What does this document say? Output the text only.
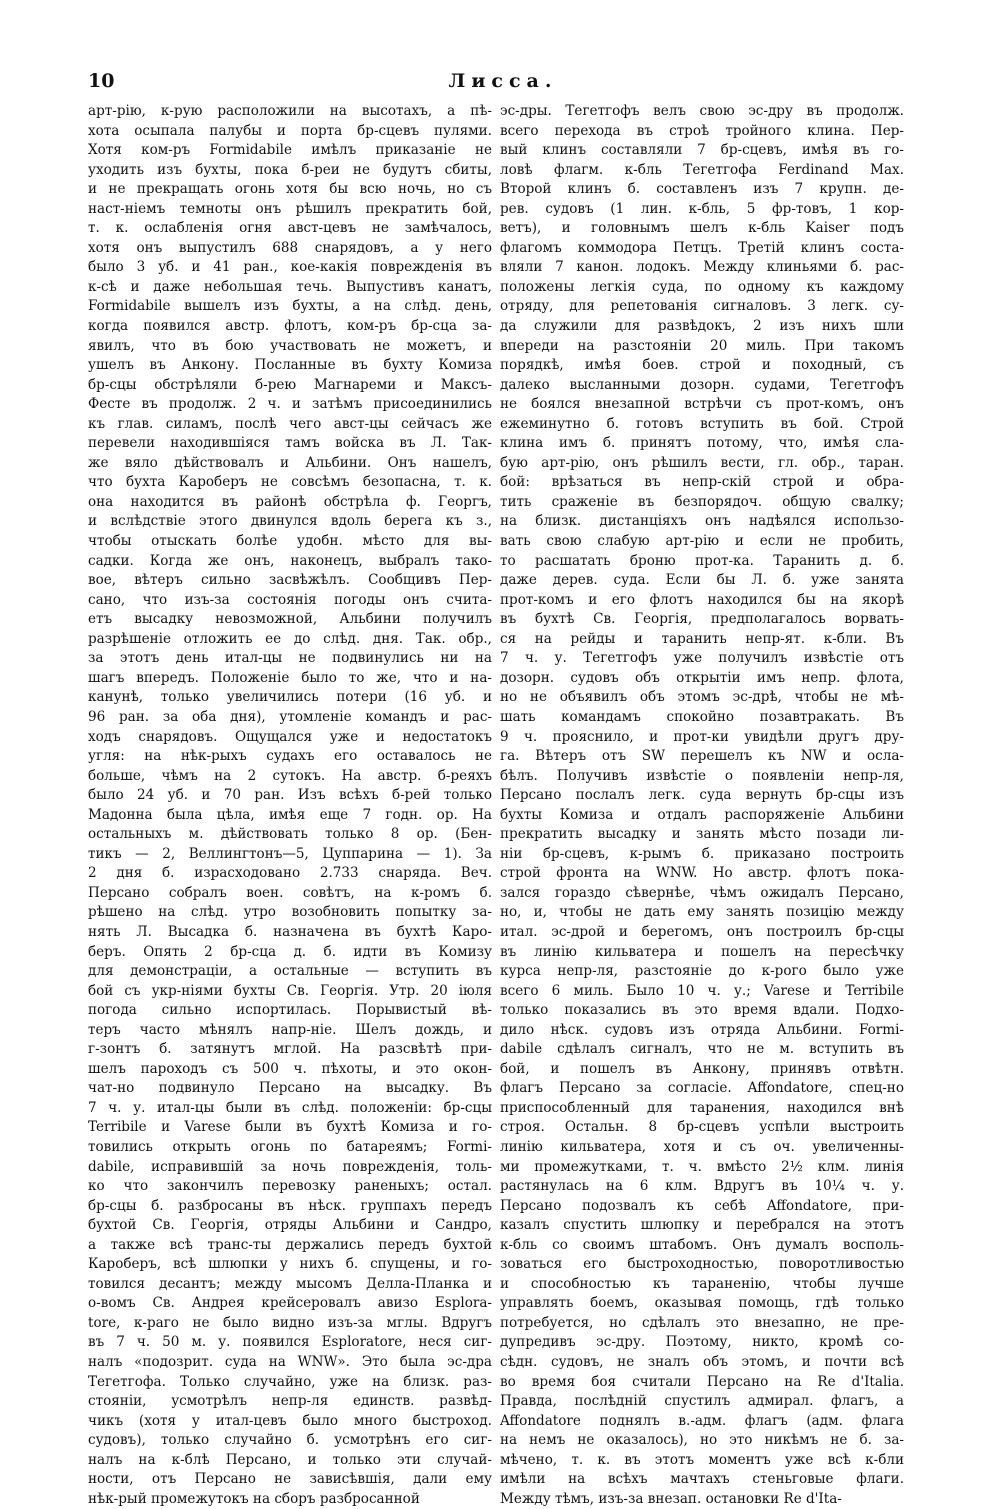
10	Лисса.

арт-рію, к-рую расположили на высотахъ, а пѣ-

хота осыпала палубы и порта бр-сцевъ пулями.

Хотя ком-ръ Formidabile имѣлъ приказаніе не

уходить изъ бухты, пока б-реи не будутъ сбиты,

и не прекращать огонь хотя бы всю ночь, но съ

наст-ніемъ темноты онъ рѣшилъ прекратить бой,

т. к. ослабленія огня авст-цевъ не замѣчалось,

хотя онъ выпустилъ 688 снарядовъ, а у него

было 3 уб. и 41 ран., кое-какія поврежденія въ

к-сѣ и даже небольшая течь. Выпустивъ канатъ,

Formidabile вышелъ изъ бухты, а на слѣд. день,

когда появился австр. флотъ, ком-ръ бр-сца за-

явилъ, что въ бою участвовать не можетъ, и

ушелъ въ Анкону. Посланные въ бухту Комиза

бр-сцы обстрѣляли б-рею Магнареми и Максъ-

Фесте въ продолж. 2 ч. и затѣмъ присоединились

къ глав. силамъ, послѣ чего авст-цы сейчасъ же

перевели находившіяся тамъ войска въ Л. Так-

же вяло дѣйствовалъ и Альбини. Онъ нашелъ,

что бухта Кароберъ не совсѣмъ безопасна, т. к.

она находится въ районѣ обстрѣла ф. Георгъ,

и вслѣдствіе этого двинулся вдоль берега къ з.,

чтобы отыскать болѣе удобн. мѣсто для вы-

садки. Когда же онъ, наконецъ, выбралъ тако-

вое, вѣтеръ сильно засвѣжѣлъ. Сообщивъ Пер-

сано, что изъ-за состоянія погоды онъ счита-

етъ высадку невозможной, Альбини получилъ

разрѣшеніе отложить ее до слѣд. дня. Так. обр.,

за этотъ день итал-цы не подвинулись ни на

шагъ впередъ. Положеніе было то же, что и на-

канунѣ, только увеличились потери (16 уб. и

96 ран. за оба дня), утомленіе командъ и рас-

ходъ снарядовъ. Ощущался уже и недостатокъ

угля: на нѣк-рыхъ судахъ его оставалось не

больше, чѣмъ на 2 сутокъ. На австр. б-реяхъ

было 24 уб. и 70 ран. Изъ всѣхъ б-рей только

Мадонна была цѣла, имѣя еще 7 годн. ор. На

остальныхъ м. дѣйствовать только 8 ор. (Бен-

тикъ — 2, Веллингтонъ—5, Цуппарина — 1). За

2 дня б. израсходовано 2.733 снаряда. Веч.

Персано собралъ воен. совѣтъ, на к-ромъ б.

рѣшено на слѣд. утро возобновить попытку за-

нять Л. Высадка б. назначена въ бухтѣ Каро-

беръ. Опять 2 бр-сца д. б. идти въ Комизу

для демонстраціи, а остальные — вступить въ

бой съ укр-ніями бухты Св. Георгія. Утр. 20 іюля

погода сильно испортилась. Порывистый вѣ-

теръ часто мѣнялъ напр-ніе. Шелъ дождь, и

г-зонтъ б. затянутъ мглой. На разсвѣтѣ при-

шелъ пароходъ съ 500 ч. пѣхоты, и это окон-

чат-но подвинуло Персано на высадку. Въ

7 ч. у. итал-цы были въ слѣд. положеніи: бр-сцы

Terribile и Varese были въ бухтѣ Комиза и го-

товились открыть огонь по батареямъ; Formi-

dabile, исправившій за ночь поврежденія, толь-

ко что закончилъ перевозку раненыхъ; остал.

бр-сцы б. разбросаны въ нѣск. группахъ передъ

бухтой Св. Георгія, отряды Альбини и Сандро,

а также всѣ транс-ты держались передъ бухтой

Кароберъ, всѣ шлюпки у нихъ б. спущены, и го-

товился десантъ; между мысомъ Делла-Планка и

о-вомъ Св. Андрея крейсеровалъ авизо Esplora-

tore, к-раго не было видно изъ-за мглы. Вдругъ

въ 7 ч. 50 м. у. появился Esploratore, неся сиг-

налъ «подозрит. суда на WNW». Это была эс-дра

Тегетгофа. Только случайно, уже на близк. раз-

стояніи, усмотрѣлъ непр-ля единств. развѣд-

чикъ (хотя у итал-цевъ было много быстроход.

судовъ), только случайно б. усмотрѣнъ его сиг-

налъ на к-блѣ Персано, и только эти случай-

ности, отъ Персано не зависѣвшія, дали ему

нѣк-рый промежутокъ на сборъ разбросанной

эс-дры. Тегетгофъ велъ свою эс-дру въ продолж.

всего перехода въ строѣ тройного клина. Пер-

вый клинъ составляли 7 бр-сцевъ, имѣя въ го-

ловѣ флагм. к-бль Тегетгофа Ferdinand Max.

Второй клинъ б. составленъ изъ 7 крупн. де-

рев. судовъ (1 лин. к-бль, 5 фр-товъ, 1 кор-

ветъ), и головнымъ шелъ к-бль Kaiser подъ

флагомъ коммодора Петцъ. Третій клинъ соста-

вляли 7 канон. лодокъ. Между клиньями б. рас-

положены легкія суда, по одному къ каждому

отряду, для репетованія сигналовъ. 3 легк. су-

да служили для развѣдокъ, 2 изъ нихъ шли

впереди на разстояніи 20 миль. При такомъ

порядкѣ, имѣя боев. строй и походный, съ

далеко высланными дозорн. судами, Тегетгофъ

не боялся внезапной встрѣчи съ прот-комъ, онъ

ежеминутно б. готовъ вступить въ бой. Строй

клина имъ б. принятъ потому, что, имѣя сла-

бую арт-рію, онъ рѣшилъ вести, гл. обр., таран.

бой: врѣзаться въ непр-скій строй и обра-

тить сраженіе въ безпорядоч. общую свалку;

на близк. дистанціяхъ онъ надѣялся использо-

вать свою слабую арт-рію и если не пробить,

то расшатать броню прот-ка. Таранить д. б.

даже дерев. суда. Если бы Л. б. уже занята

прот-комъ и его флотъ находился бы на якорѣ

въ бухтѣ Св. Георгія, предполагалось ворвать-

ся на рейды и таранить непр-ят. к-бли. Въ

7 ч. у. Тегетгофъ уже получилъ извѣстіе отъ

дозорн. судовъ объ открытіи имъ непр. флота,

но не объявилъ объ этомъ эс-дрѣ, чтобы не мѣ-

шать командамъ спокойно позавтракать. Въ

9 ч. прояснило, и прот-ки увидѣли другъ дру-

га. Вѣтеръ отъ SW перешелъ къ NW и осла-

бѣлъ. Получивъ извѣстіе о появленіи непр-ля,

Персано послалъ легк. суда вернуть бр-сцы изъ

бухты Комиза и отдалъ распоряженіе Альбини

прекратить высадку и занять мѣсто позади ли-

ніи бр-сцевъ, к-рымъ б. приказано построить

строй фронта на WNW. Но австр. флотъ пока-

зался гораздо сѣвернѣе, чѣмъ ожидалъ Персано,

но, и, чтобы не дать ему занять позицію между

итал. эс-дрой и берегомъ, онъ построилъ бр-сцы

въ линію кильватера и пошелъ на пересѣчку

курса непр-ля, разстояніе до к-рого было уже

всего 6 миль. Было 10 ч. у.; Varese и Terribile

только показались въ это время вдали. Подхо-

дило нѣск. судовъ изъ отряда Альбини. Formi-

dabile сдѣлалъ сигналъ, что не м. вступить въ

бой, и пошелъ въ Анкону, принявъ отвѣтн.

флагъ Персано за согласіе. Affondatore, спец-но

приспособленный для таранения, находился внѣ

строя. Остальн. 8 бр-сцевъ успѣли выстроить

линію кильватера, хотя и съ оч. увеличенны-

ми промежутками, т. ч. вмѣсто 2½ клм. линія

растянулась на 6 клм. Вдругъ въ 10¼ ч. у.

Персано подозвалъ къ себѣ Affondatore, при-

казалъ спустить шлюпку и перебрался на этотъ

к-бль со своимъ штабомъ. Онъ думалъ восполь-

зоваться его быстроходностью, поворотливостью

и способностью къ тараненію, чтобы лучше

управлять боемъ, оказывая помощь, гдѣ только

потребуется, но сдѣлалъ это внезапно, не пре-

дупредивъ эс-дру. Поэтому, никто, кромѣ со-

сѣдн. судовъ, не зналъ объ этомъ, и почти всѣ

во время боя считали Персано на Re d'Italia.

Правда, послѣдній спустилъ адмирал. флагъ, а

Affondatore поднялъ в.-адм. флагъ (адм. флага

на немъ не оказалось), но это никѣмъ не б. за-

мѣчено, т. к. въ этотъ моментъ уже всѣ к-бли

имѣли на всѣхъ мачтахъ стеньговые флаги.

Между тѣмъ, изъ-за внезап. остановки Re d'Ita-
